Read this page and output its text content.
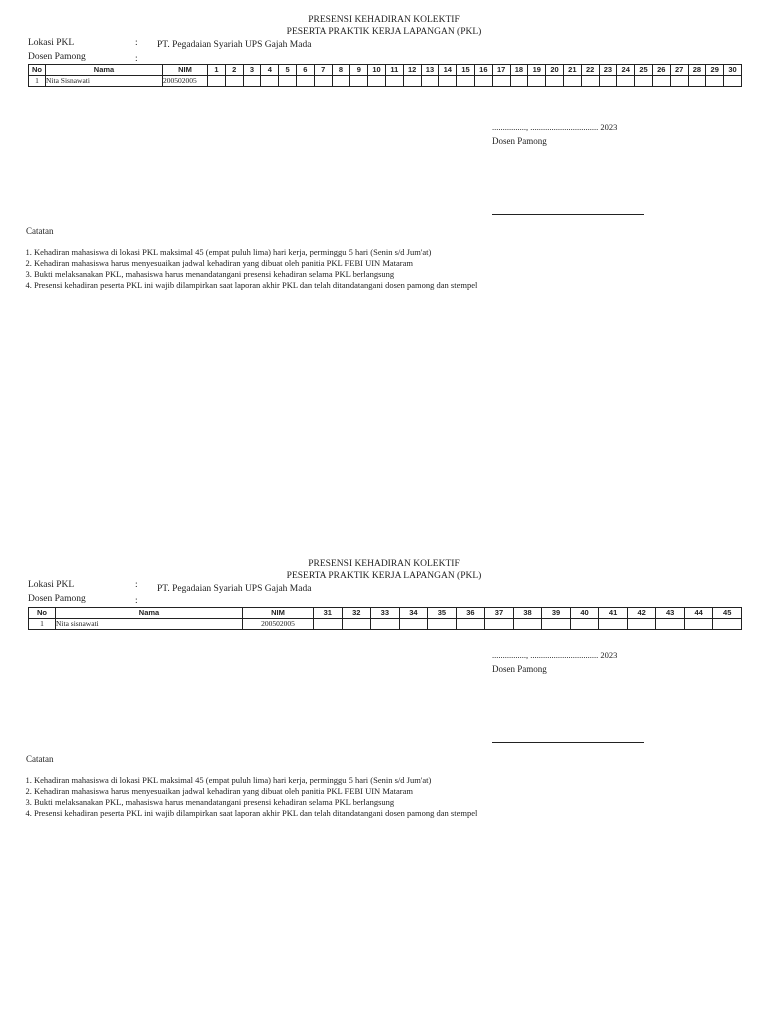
PRESENSI KEHADIRAN KOLEKTIF
PESERTA PRAKTIK KERJA LAPANGAN (PKL)
Lokasi PKL	: PT. Pegadaian Syariah UPS Gajah Mada
Dosen Pamong	:
No	Nama	NIM	1	2	3	4	5	6	7	8	9	10	11	12	13	14	15	16	17	18	19	20	21	22	23	24	25	26	27	28	29	30
1	Nita Sisnawati	200502005																														
................, ................................ 2023
Dosen Pamong
Catatan
1. Kehadiran mahasiswa di lokasi PKL maksimal 45 (empat puluh lima) hari kerja, perminggu 5 hari (Senin s/d Jum'at)
2. Kehadiran mahasiswa harus menyesuaikan jadwal kehadiran yang dibuat oleh panitia PKL FEBI UIN Mataram
3. Bukti melaksanakan PKL, mahasiswa harus menandatangani presensi kehadiran selama PKL berlangsung
4. Presensi kehadiran peserta PKL ini wajib dilampirkan saat laporan akhir PKL dan telah ditandatangani dosen pamong dan stempel
PRESENSI KEHADIRAN KOLEKTIF
PESERTA PRAKTIK KERJA LAPANGAN (PKL)
Lokasi PKL	: PT. Pegadaian Syariah UPS Gajah Mada
Dosen Pamong	:
No	Nama	NIM	31	32	33	34	35	36	37	38	39	40	41	42	43	44	45
1	Nita sisnawati	200502005															
................, ................................ 2023
Dosen Pamong
Catatan
1. Kehadiran mahasiswa di lokasi PKL maksimal 45 (empat puluh lima) hari kerja, perminggu 5 hari (Senin s/d Jum'at)
2. Kehadiran mahasiswa harus menyesuaikan jadwal kehadiran yang dibuat oleh panitia PKL FEBI UIN Mataram
3. Bukti melaksanakan PKL, mahasiswa harus menandatangani presensi kehadiran selama PKL berlangsung
4. Presensi kehadiran peserta PKL ini wajib dilampirkan saat laporan akhir PKL dan telah ditandatangani dosen pamong dan stempel
